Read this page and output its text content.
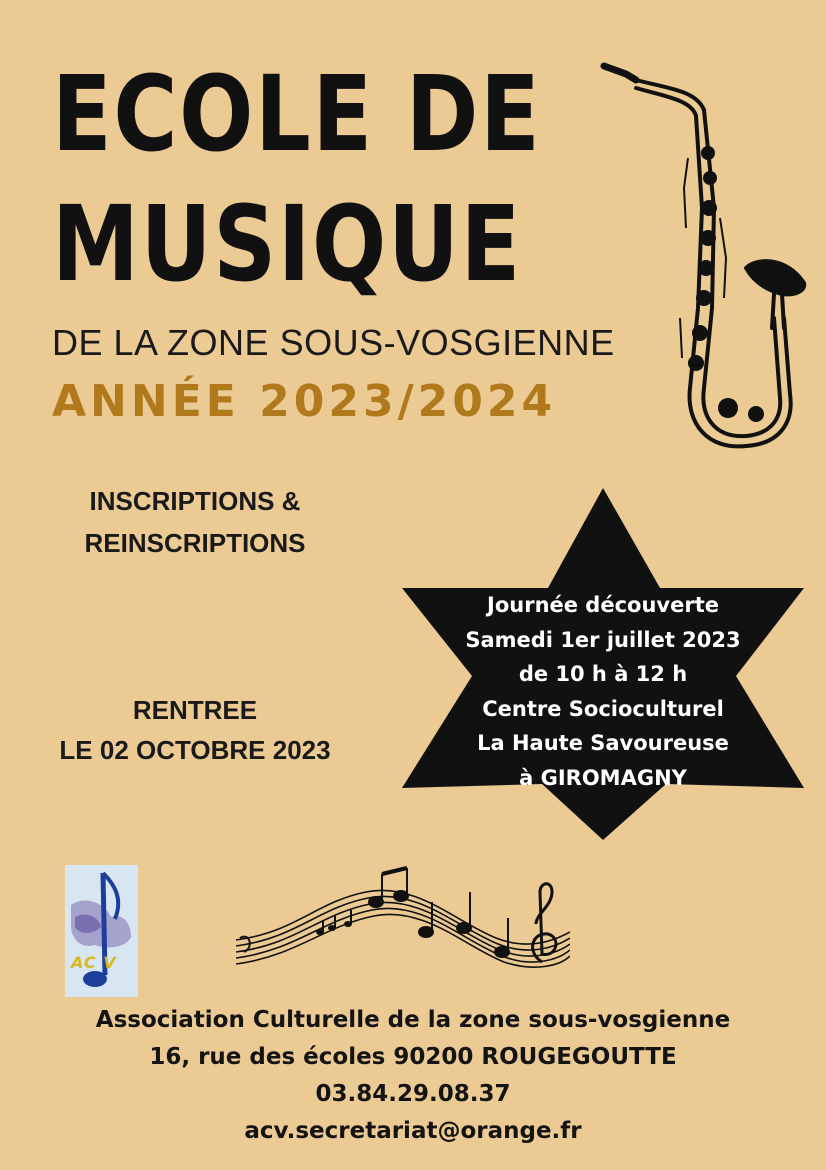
ECOLE DE
MUSIQUE
DE LA ZONE SOUS-VOSGIENNE
ANNÉE 2023/2024
INSCRIPTIONS &
REINSCRIPTIONS
RENTREE
LE 02 OCTOBRE 2023
Journée découverte
Samedi 1er juillet 2023
de 10 h à 12 h
Centre Socioculturel
La Haute Savoureuse
à GIROMAGNY
AC V
Association Culturelle de la zone sous-vosgienne
16, rue des écoles 90200 ROUGEGOUTTE
03.84.29.08.37
acv.secretariat@orange.fr
